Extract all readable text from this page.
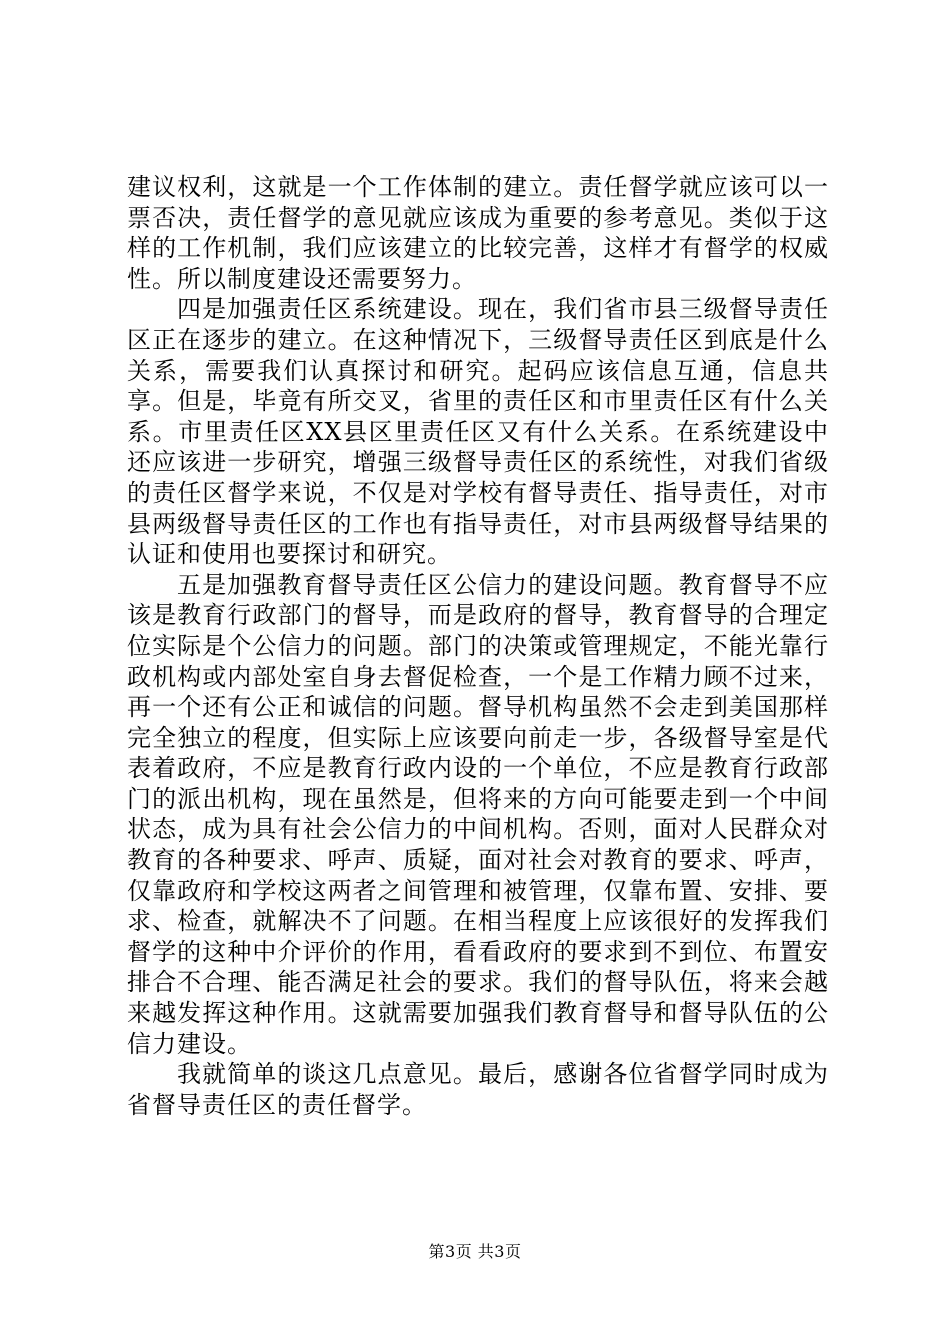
建议权利，这就是一个工作体制的建立。责任督学就应该可以一票否决，责任督学的意见就应该成为重要的参考意见。类似于这样的工作机制，我们应该建立的比较完善，这样才有督学的权威性。所以制度建设还需要努力。

四是加强责任区系统建设。现在，我们省市县三级督导责任区正在逐步的建立。在这种情况下，三级督导责任区到底是什么关系，需要我们认真探讨和研究。起码应该信息互通，信息共享。但是，毕竟有所交叉，省里的责任区和市里责任区有什么关系。市里责任区XX县区里责任区又有什么关系。在系统建设中还应该进一步研究，增强三级督导责任区的系统性，对我们省级的责任区督学来说，不仅是对学校有督导责任、指导责任，对市县两级督导责任区的工作也有指导责任，对市县两级督导结果的认证和使用也要探讨和研究。

五是加强教育督导责任区公信力的建设问题。教育督导不应该是教育行政部门的督导，而是政府的督导，教育督导的合理定位实际是个公信力的问题。部门的决策或管理规定，不能光靠行政机构或内部处室自身去督促检查，一个是工作精力顾不过来，再一个还有公正和诚信的问题。督导机构虽然不会走到美国那样完全独立的程度，但实际上应该要向前走一步，各级督导室是代表着政府，不应是教育行政内设的一个单位，不应是教育行政部门的派出机构，现在虽然是，但将来的方向可能要走到一个中间状态，成为具有社会公信力的中间机构。否则，面对人民群众对教育的各种要求、呼声、质疑，面对社会对教育的要求、呼声，仅靠政府和学校这两者之间管理和被管理，仅靠布置、安排、要求、检查，就解决不了问题。在相当程度上应该很好的发挥我们督学的这种中介评价的作用，看看政府的要求到不到位、布置安排合不合理、能否满足社会的要求。我们的督导队伍，将来会越来越发挥这种作用。这就需要加强我们教育督导和督导队伍的公信力建设。

我就简单的谈这几点意见。最后，感谢各位省督学同时成为省督导责任区的责任督学。

第3页 共3页
